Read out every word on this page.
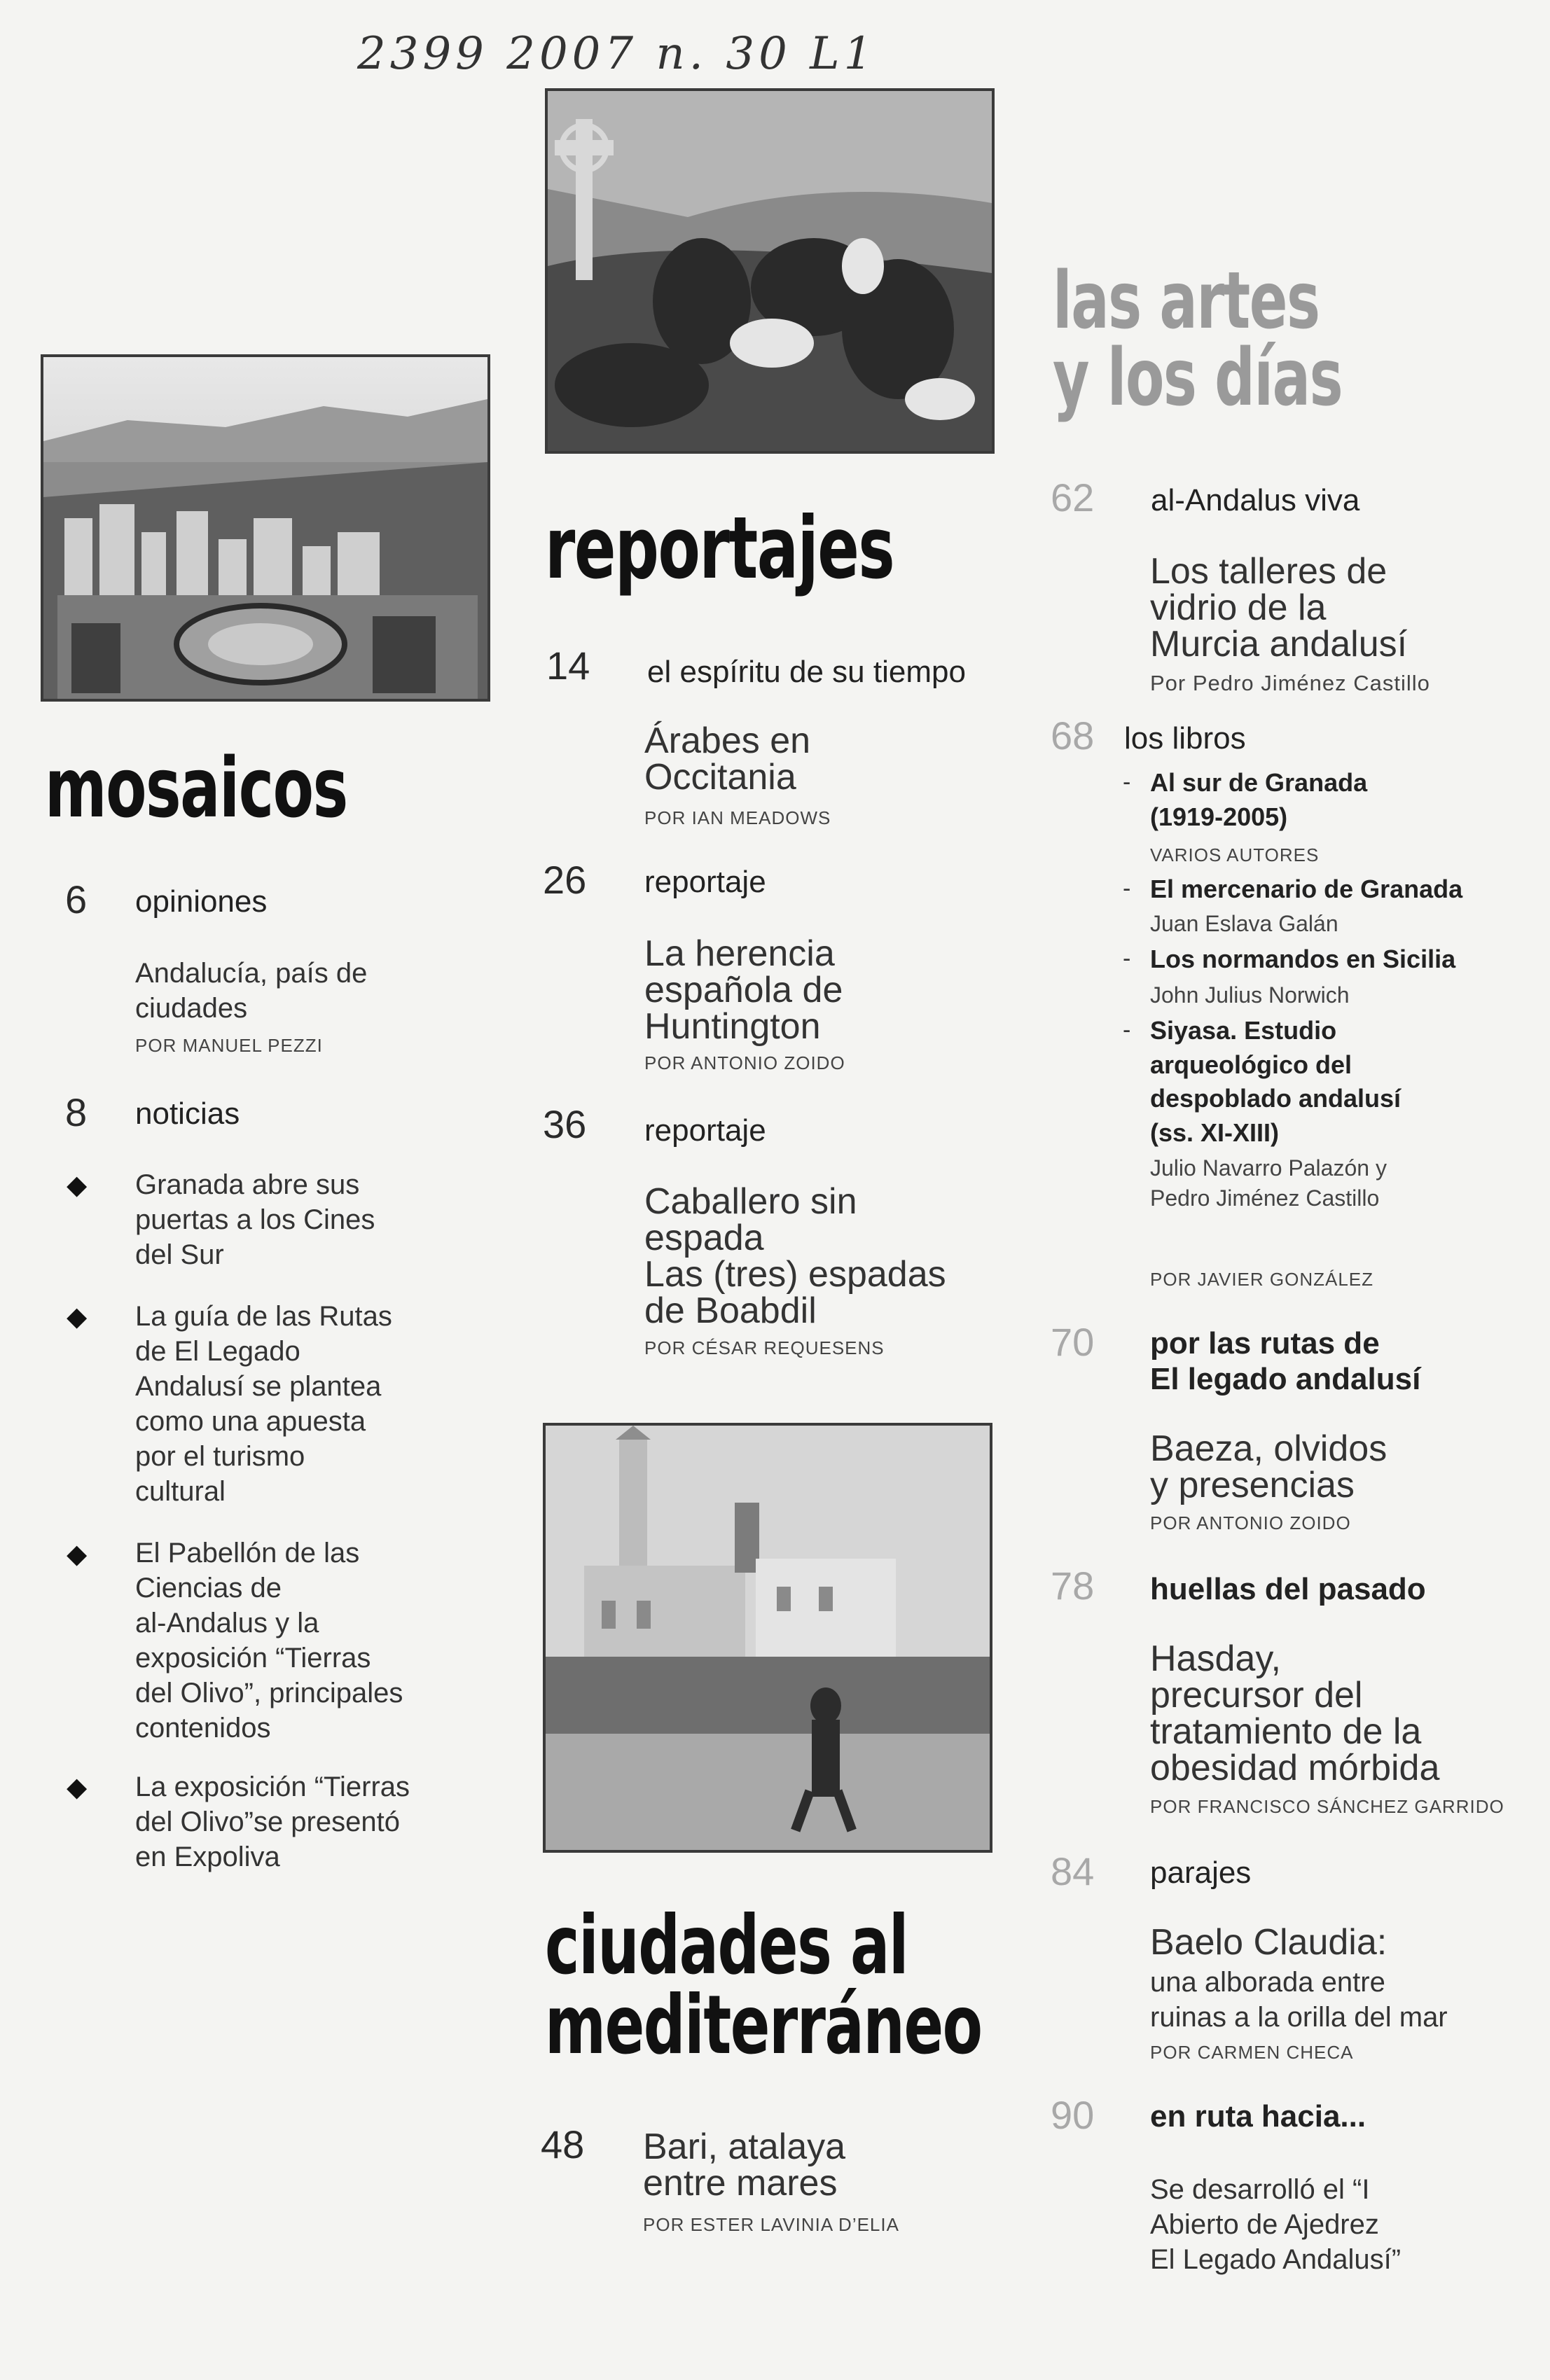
2399 2007 n. 30 L1
mosaicos
reportajes
ciudades al
mediterráneo
las artes
y los días
6 opiniones
Andalucía, país de
ciudades
POR MANUEL PEZZI
8 noticias
◆ Granada abre sus
puertas a los Cines
del Sur
◆ La guía de las Rutas
de El Legado
Andalusí se plantea
como una apuesta
por el turismo
cultural
◆ El Pabellón de las
Ciencias de
al-Andalus y la
exposición “Tierras
del Olivo”, principales
contenidos
◆ La exposición “Tierras
del Olivo”se presentó
en Expoliva
14 el espíritu de su tiempo
Árabes en
Occitania
POR IAN MEADOWS
26 reportaje
La herencia
española de
Huntington
POR ANTONIO ZOIDO
36 reportaje
Caballero sin
espada
Las (tres) espadas
de Boabdil
POR CÉSAR REQUESENS
48 Bari, atalaya
entre mares
POR ESTER LAVINIA D’ELIA
62 al-Andalus viva
Los talleres de
vidrio de la
Murcia andalusí
Por Pedro Jiménez Castillo
68 los libros
- Al sur de Granada
(1919-2005)
VARIOS AUTORES
- El mercenario de Granada
Juan Eslava Galán
- Los normandos en Sicilia
John Julius Norwich
- Siyasa. Estudio
arqueológico del
despoblado andalusí
(ss. XI-XIII)
Julio Navarro Palazón y
Pedro Jiménez Castillo
POR JAVIER GONZÁLEZ
70 por las rutas de
El legado andalusí
Baeza, olvidos
y presencias
POR ANTONIO ZOIDO
78 huellas del pasado
Hasday,
precursor del
tratamiento de la
obesidad mórbida
POR FRANCISCO SÁNCHEZ GARRIDO
84 parajes
Baelo Claudia:
una alborada entre
ruinas a la orilla del mar
POR CARMEN CHECA
90 en ruta hacia...
Se desarrolló el “I
Abierto de Ajedrez
El Legado Andalusí”
